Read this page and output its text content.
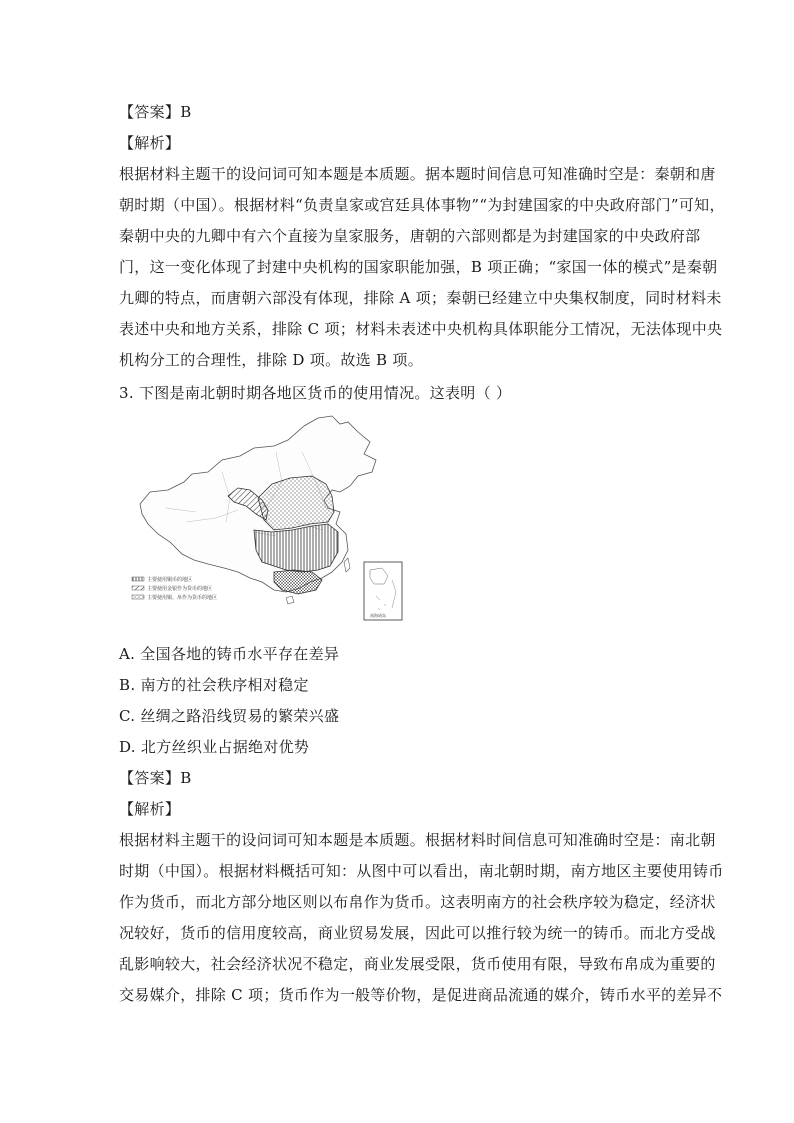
【答案】B
【解析】
根据材料主题干的设问词可知本题是本质题。据本题时间信息可知准确时空是：秦朝和唐
朝时期（中国）。根据材料“负责皇家或宫廷具体事物”“为封建国家的中央政府部门”可知，
秦朝中央的九卿中有六个直接为皇家服务，唐朝的六部则都是为封建国家的中央政府部
门，这一变化体现了封建中央机构的国家职能加强，B 项正确；“家国一体的模式”是秦朝
九卿的特点，而唐朝六部没有体现，排除 A 项；秦朝已经建立中央集权制度，同时材料未
表述中央和地方关系，排除 C 项；材料未表述中央机构具体职能分工情况，无法体现中央
机构分工的合理性，排除 D 项。故选 B 项。
3. 下图是南北朝时期各地区货币的使用情况。这表明（ ）
主要使用铜币的地区
主要使用金银作为货币的地区
主要使用铜、帛作为货币的地区
南海诸岛
A. 全国各地的铸币水平存在差异
B. 南方的社会秩序相对稳定
C. 丝绸之路沿线贸易的繁荣兴盛
D. 北方丝织业占据绝对优势
【答案】B
【解析】
根据材料主题干的设问词可知本题是本质题。根据材料时间信息可知准确时空是：南北朝
时期（中国）。根据材料概括可知：从图中可以看出，南北朝时期，南方地区主要使用铸币
作为货币，而北方部分地区则以布帛作为货币。这表明南方的社会秩序较为稳定，经济状
况较好，货币的信用度较高，商业贸易发展，因此可以推行较为统一的铸币。而北方受战
乱影响较大，社会经济状况不稳定，商业发展受限，货币使用有限，导致布帛成为重要的
交易媒介，排除 C 项；货币作为一般等价物，是促进商品流通的媒介，铸币水平的差异不
